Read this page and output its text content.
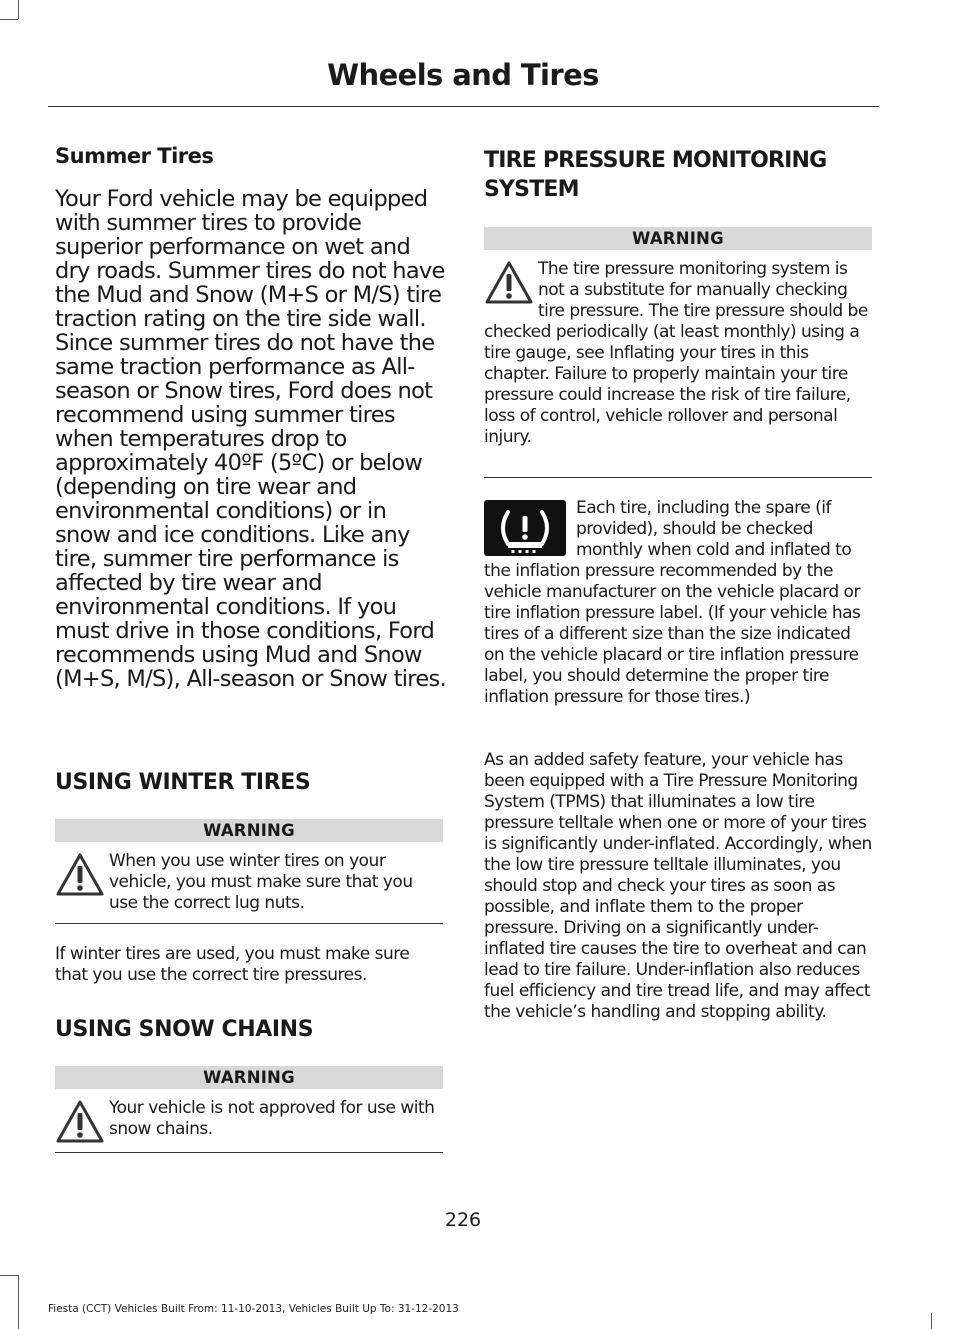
Wheels and Tires
Summer Tires

Your Ford vehicle may be equipped with summer tires to provide superior performance on wet and dry roads. Summer tires do not have the Mud and Snow (M+S or M/S) tire traction rating on the tire side wall. Since summer tires do not have the same traction performance as All-season or Snow tires, Ford does not recommend using summer tires when temperatures drop to approximately 40ºF (5ºC) or below (depending on tire wear and environmental conditions) or in snow and ice conditions. Like any tire, summer tire performance is affected by tire wear and environmental conditions. If you must drive in those conditions, Ford recommends using Mud and Snow (M+S, M/S), All-season or Snow tires.

USING WINTER TIRES
WARNING

When you use winter tires on your vehicle, you must make sure that you use the correct lug nuts.

If winter tires are used, you must make sure that you use the correct tire pressures.

USING SNOW CHAINS
WARNING

Your vehicle is not approved for use with snow chains.

TIRE PRESSURE MONITORING SYSTEM
WARNING

The tire pressure monitoring system is not a substitute for manually checking tire pressure. The tire pressure should be checked periodically (at least monthly) using a tire gauge, see Inflating your tires in this chapter. Failure to properly maintain your tire pressure could increase the risk of tire failure, loss of control, vehicle rollover and personal injury.

Each tire, including the spare (if provided), should be checked monthly when cold and inflated to the inflation pressure recommended by the vehicle manufacturer on the vehicle placard or tire inflation pressure label. (If your vehicle has tires of a different size than the size indicated on the vehicle placard or tire inflation pressure label, you should determine the proper tire inflation pressure for those tires.)

As an added safety feature, your vehicle has been equipped with a Tire Pressure Monitoring System (TPMS) that illuminates a low tire pressure telltale when one or more of your tires is significantly under-inflated. Accordingly, when the low tire pressure telltale illuminates, you should stop and check your tires as soon as possible, and inflate them to the proper pressure. Driving on a significantly under-inflated tire causes the tire to overheat and can lead to tire failure. Under-inflation also reduces fuel efficiency and tire tread life, and may affect the vehicle’s handling and stopping ability.

226
Fiesta (CCT) Vehicles Built From: 11-10-2013, Vehicles Built Up To: 31-12-2013
